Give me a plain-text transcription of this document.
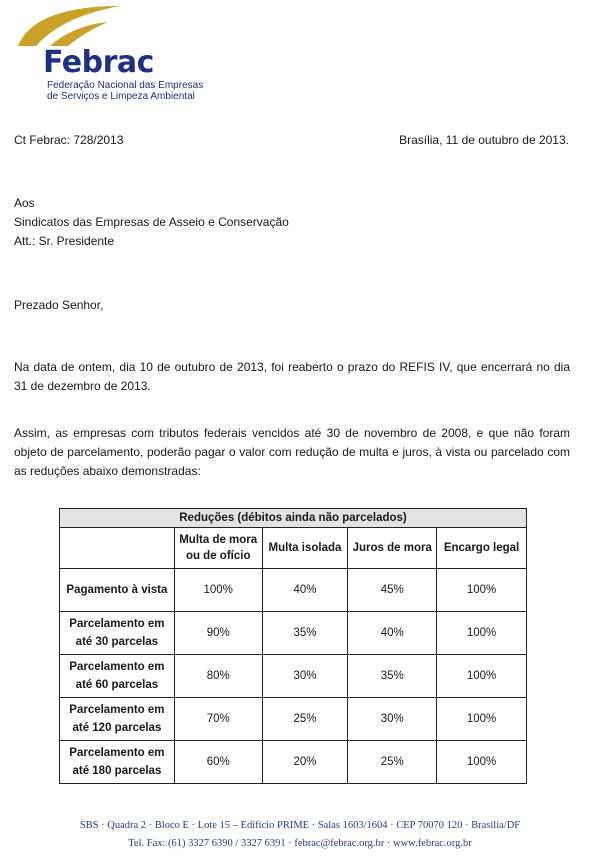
Febrac
Federação Nacional das Empresas
de Serviços e Limpeza Ambiental
Ct Febrac: 728/2013	Brasília, 11 de outubro de 2013.
Aos
Sindicatos das Empresas de Asseio e Conservação
Att.: Sr. Presidente
Prezado Senhor,
Na data de ontem, dia 10 de outubro de 2013, foi reaberto o prazo do REFIS IV, que encerrará no dia
31 de dezembro de 2013.
Assim, as empresas com tributos federais vencidos até 30 de novembro de 2008, e que não foram
objeto de parcelamento, poderão pagar o valor com redução de multa e juros, à vista ou parcelado com
as reduções abaixo demonstradas:
Reduções (débitos ainda não parcelados)				
	Multa de mora ou de ofício	Multa isolada	Juros de mora	Encargo legal
Pagamento à vista	100%	40%	45%	100%
Parcelamento em até 30 parcelas	90%	35%	40%	100%
Parcelamento em até 60 parcelas	80%	30%	35%	100%
Parcelamento em até 120 parcelas	70%	25%	30%	100%
Parcelamento em até 180 parcelas	60%	20%	25%	100%
SBS · Quadra 2 · Bloco E · Lote 15 – Edifício PRIME · Salas 1603/1604 · CEP 70070 120 · Brasília/DF
Tel. Fax: (61) 3327 6390 / 3327 6391 · febrac@febrac.org.br · www.febrac.org.br
